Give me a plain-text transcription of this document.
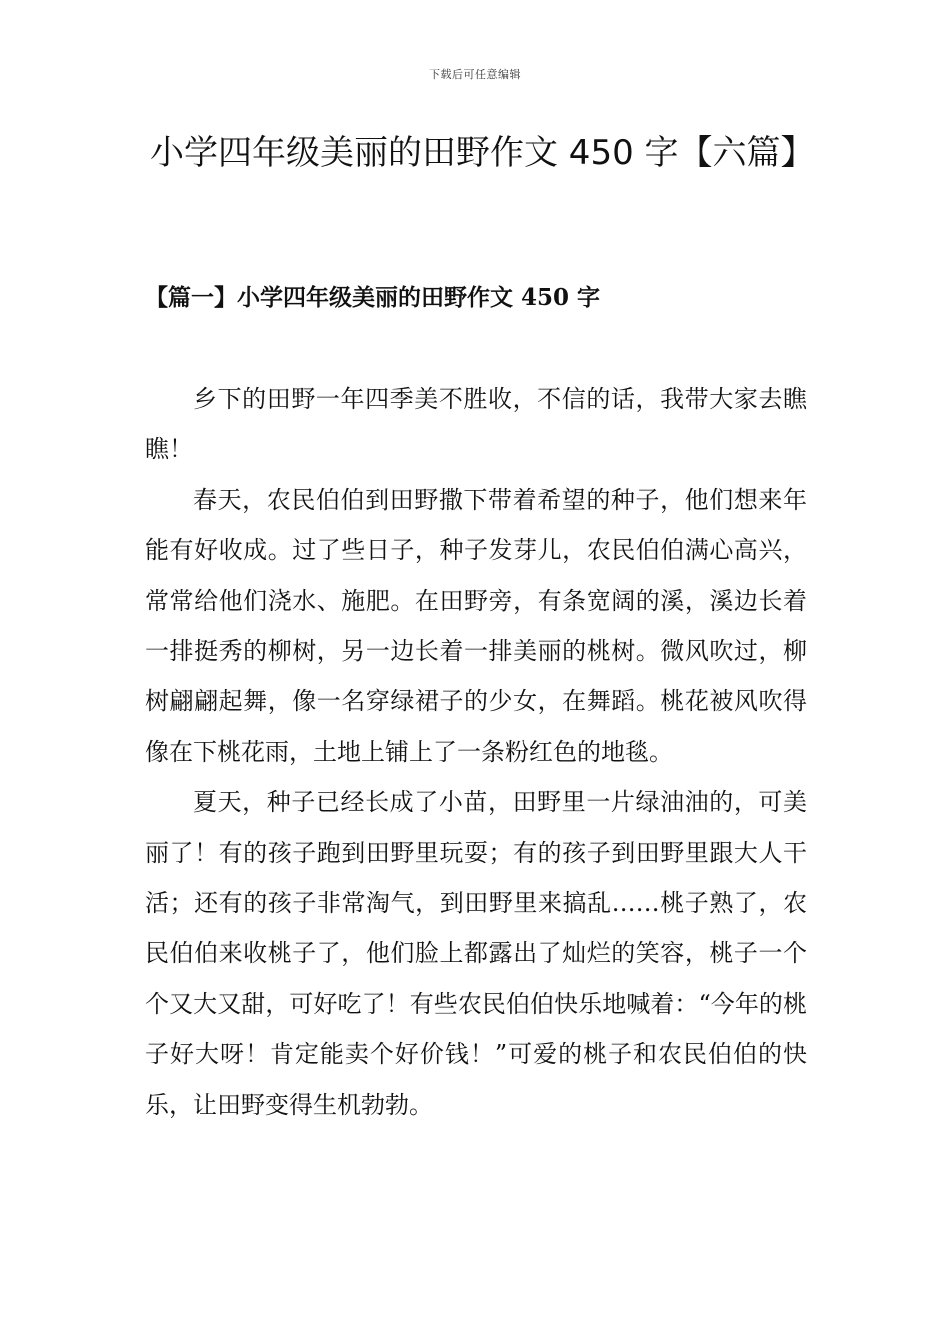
下载后可任意编辑
小学四年级美丽的田野作文 450 字【六篇】
【篇一】小学四年级美丽的田野作文 450 字

乡下的田野一年四季美不胜收，不信的话，我带大家去瞧瞧！

春天，农民伯伯到田野撒下带着希望的种子，他们想来年能有好收成。过了些日子，种子发芽儿，农民伯伯满心高兴，常常给他们浇水、施肥。在田野旁，有条宽阔的溪，溪边长着一排挺秀的柳树，另一边长着一排美丽的桃树。微风吹过，柳树翩翩起舞，像一名穿绿裙子的少女，在舞蹈。桃花被风吹得像在下桃花雨，土地上铺上了一条粉红色的地毯。

夏天，种子已经长成了小苗，田野里一片绿油油的，可美丽了！有的孩子跑到田野里玩耍；有的孩子到田野里跟大人干活；还有的孩子非常淘气，到田野里来搞乱……桃子熟了，农民伯伯来收桃子了，他们脸上都露出了灿烂的笑容，桃子一个个又大又甜，可好吃了！有些农民伯伯快乐地喊着：“今年的桃子好大呀！肯定能卖个好价钱！”可爱的桃子和农民伯伯的快乐，让田野变得生机勃勃。
